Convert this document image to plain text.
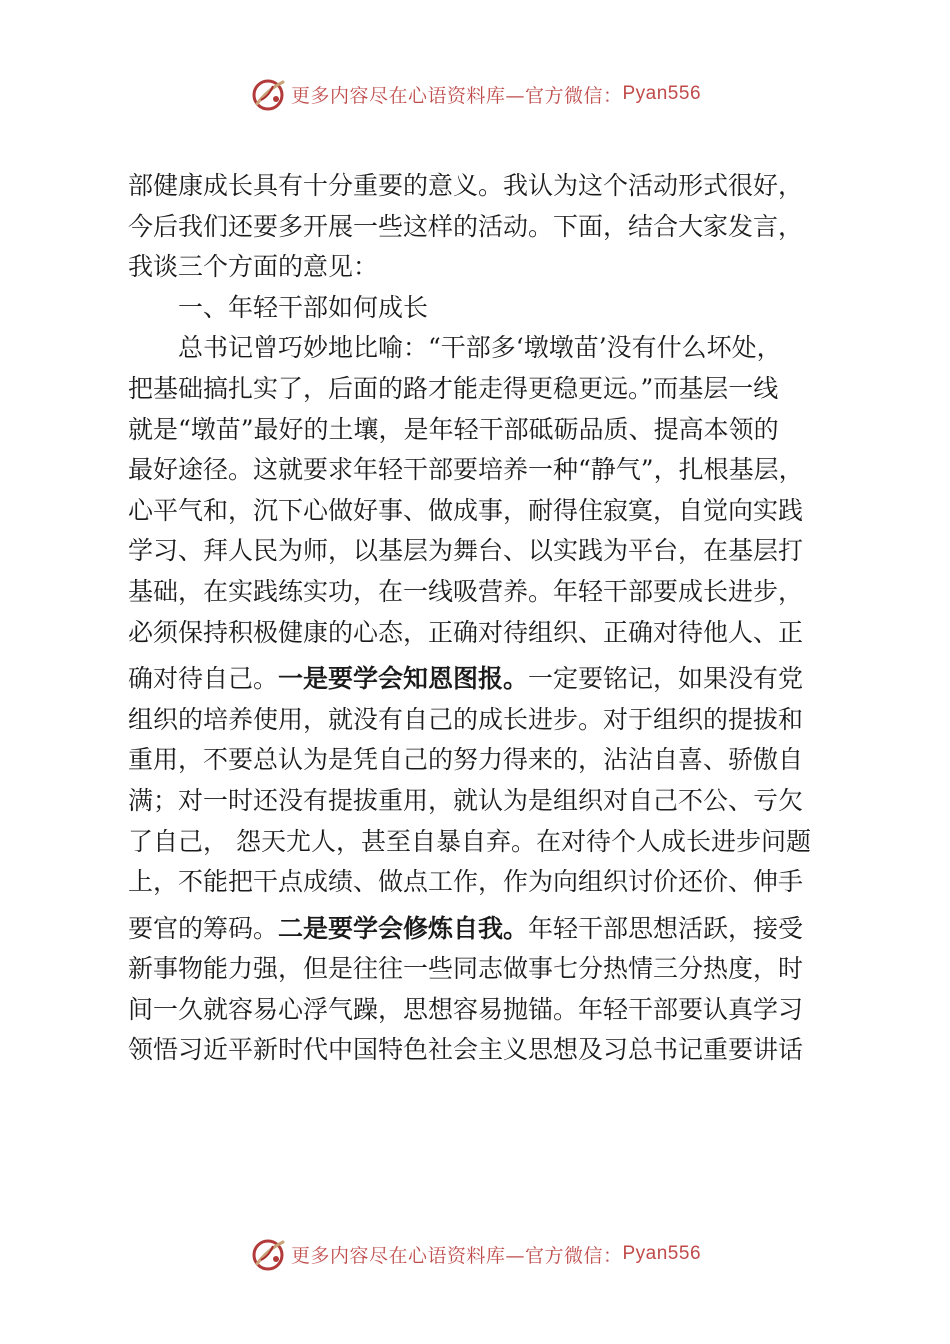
更多内容尽在心语资料库—官方微信： Pyan556
部健康成长具有十分重要的意义。我认为这个活动形式很好，
今后我们还要多开展一些这样的活动。下面，结合大家发言，
我谈三个方面的意见：
一、年轻干部如何成长
总书记曾巧妙地比喻：“干部多‘墩墩苗’没有什么坏处，
把基础搞扎实了，后面的路才能走得更稳更远。”而基层一线
就是“墩苗”最好的土壤，是年轻干部砥砺品质、提高本领的
最好途径。这就要求年轻干部要培养一种“静气”，扎根基层，
心平气和，沉下心做好事、做成事，耐得住寂寞，自觉向实践
学习、拜人民为师，以基层为舞台、以实践为平台，在基层打
基础，在实践练实功，在一线吸营养。年轻干部要成长进步，
必须保持积极健康的心态，正确对待组织、正确对待他人、正
确对待自己。一是要学会知恩图报。一定要铭记，如果没有党
组织的培养使用，就没有自己的成长进步。对于组织的提拔和
重用，不要总认为是凭自己的努力得来的，沾沾自喜、骄傲自
满；对一时还没有提拔重用，就认为是组织对自己不公、亏欠
了自己， 怨天尤人，甚至自暴自弃。在对待个人成长进步问题
上，不能把干点成绩、做点工作，作为向组织讨价还价、伸手
要官的筹码。二是要学会修炼自我。年轻干部思想活跃，接受
新事物能力强，但是往往一些同志做事七分热情三分热度，时
间一久就容易心浮气躁，思想容易抛锚。年轻干部要认真学习
领悟习近平新时代中国特色社会主义思想及习总书记重要讲话
更多内容尽在心语资料库—官方微信： Pyan556
